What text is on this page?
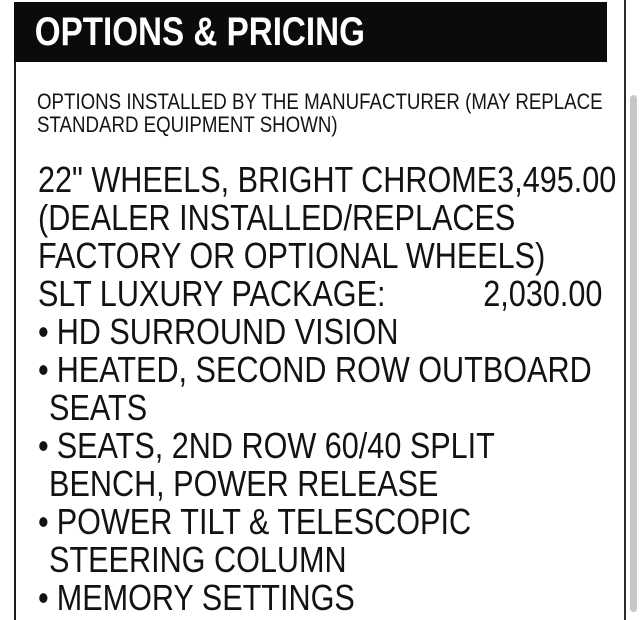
OPTIONS & PRICING
OPTIONS INSTALLED BY THE MANUFACTURER (MAY REPLACE
STANDARD EQUIPMENT SHOWN)
22" WHEELS, BRIGHT CHROME 3,495.00
(DEALER INSTALLED/REPLACES
FACTORY OR OPTIONAL WHEELS)
SLT LUXURY PACKAGE:	2,030.00
• HD SURROUND VISION
• HEATED, SECOND ROW OUTBOARD
SEATS
• SEATS, 2ND ROW 60/40 SPLIT
BENCH, POWER RELEASE
• POWER TILT & TELESCOPIC
STEERING COLUMN
• MEMORY SETTINGS
